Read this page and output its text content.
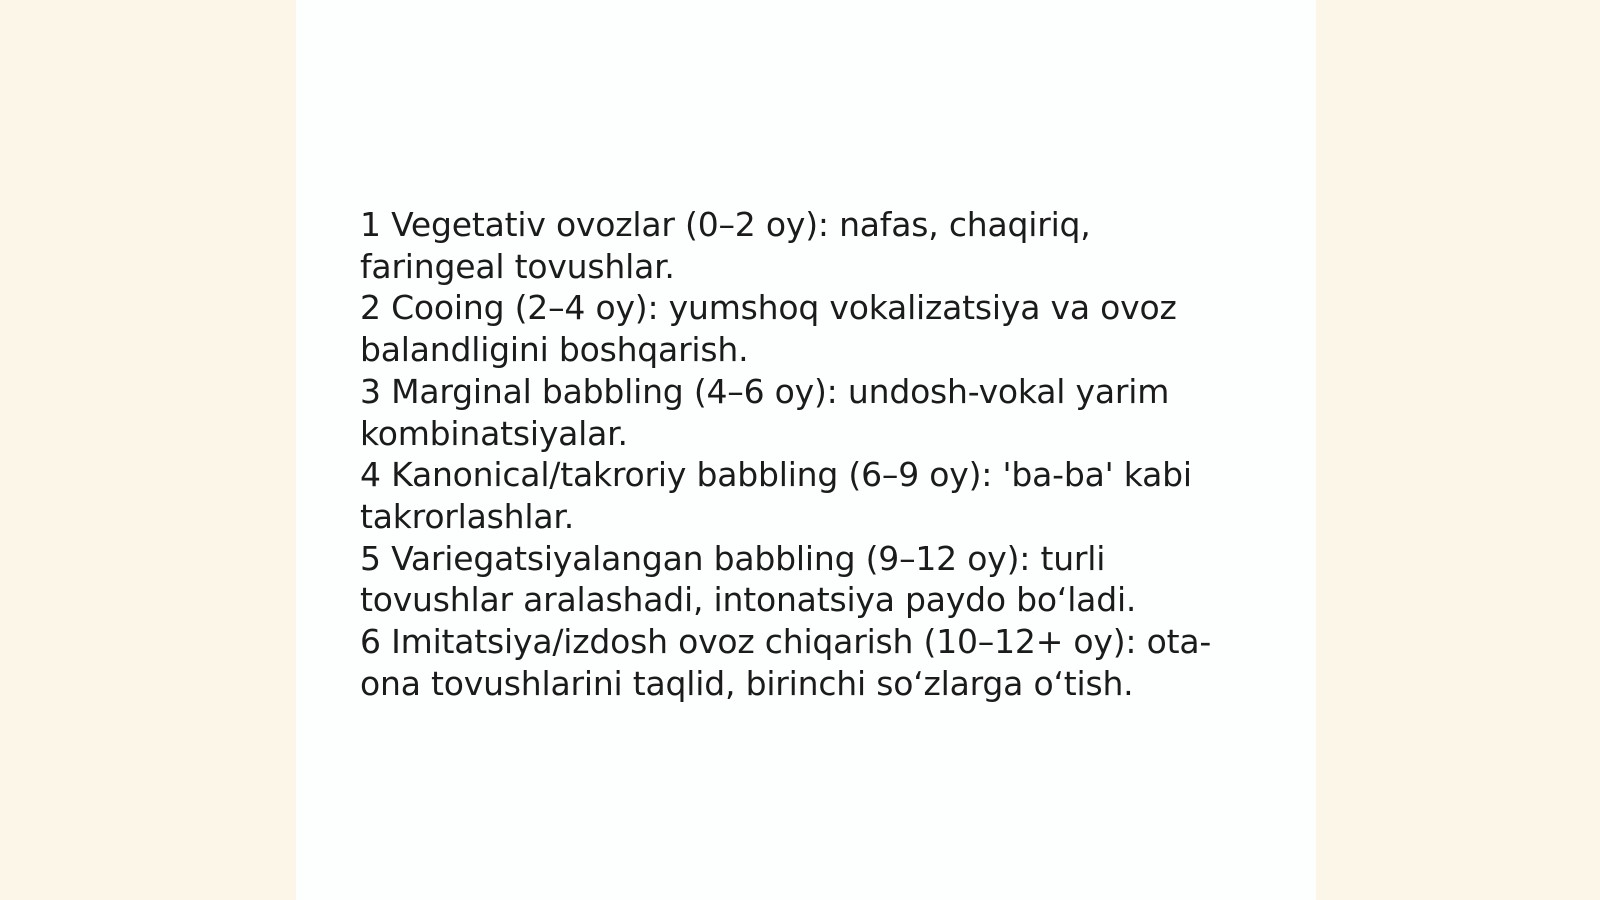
1 Vegetativ ovozlar (0–2 oy): nafas, chaqiriq, faringeal tovushlar.

2 Cooing (2–4 oy): yumshoq vokalizatsiya va ovoz balandligini boshqarish.

3 Marginal babbling (4–6 oy): undosh-vokal yarim kombinatsiyalar.

4 Kanonical/takroriy babbling (6–9 oy): 'ba-ba' kabi takrorlashlar.

5 Variegatsiyalangan babbling (9–12 oy): turli tovushlar aralashadi, intonatsiya paydo bo‘ladi.

6 Imitatsiya/izdosh ovoz chiqarish (10–12+ oy): ota-ona tovushlarini taqlid, birinchi so‘zlarga o‘tish.
